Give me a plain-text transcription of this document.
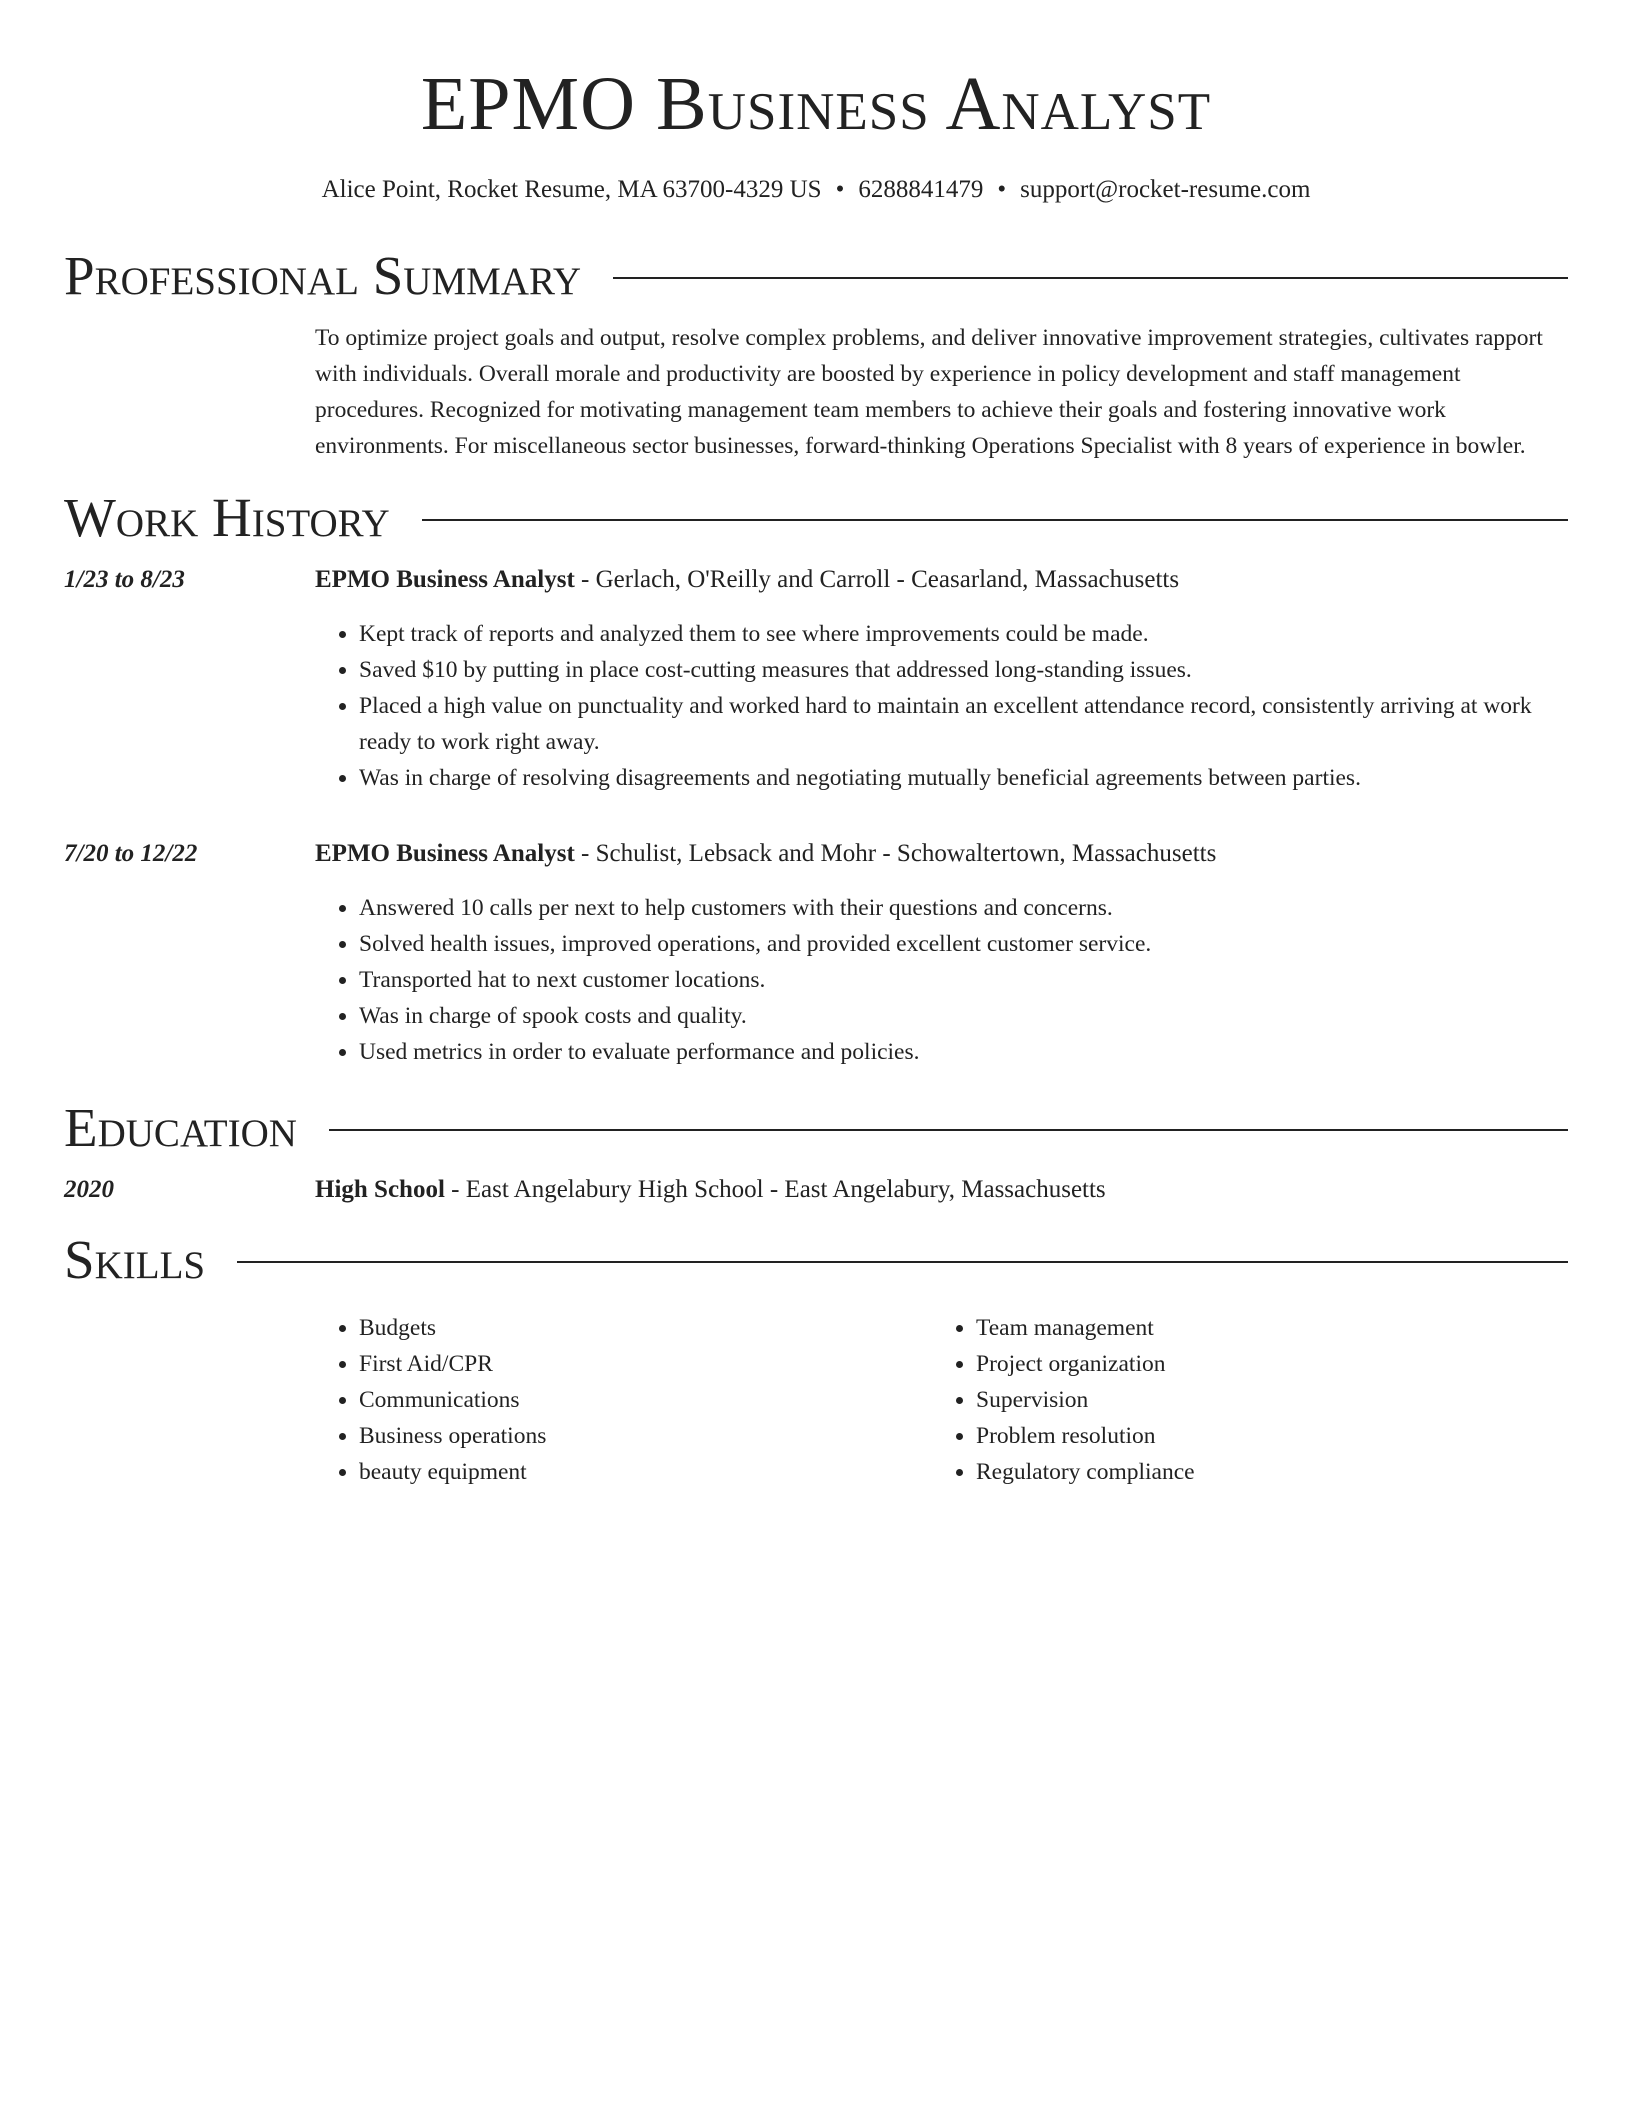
EPMO Business Analyst
Alice Point, Rocket Resume, MA 63700-4329 US • 6288841479 • support@rocket-resume.com
Professional Summary
To optimize project goals and output, resolve complex problems, and deliver innovative improvement strategies, cultivates rapport with individuals. Overall morale and productivity are boosted by experience in policy development and staff management procedures. Recognized for motivating management team members to achieve their goals and fostering innovative work environments. For miscellaneous sector businesses, forward-thinking Operations Specialist with 8 years of experience in bowler.
Work History
1/23 to 8/23	EPMO Business Analyst - Gerlach, O'Reilly and Carroll - Ceasarland, Massachusetts
• Kept track of reports and analyzed them to see where improvements could be made.
• Saved $10 by putting in place cost-cutting measures that addressed long-standing issues.
• Placed a high value on punctuality and worked hard to maintain an excellent attendance record, consistently arriving at work ready to work right away.
• Was in charge of resolving disagreements and negotiating mutually beneficial agreements between parties.
7/20 to 12/22	EPMO Business Analyst - Schulist, Lebsack and Mohr - Schowaltertown, Massachusetts
• Answered 10 calls per next to help customers with their questions and concerns.
• Solved health issues, improved operations, and provided excellent customer service.
• Transported hat to next customer locations.
• Was in charge of spook costs and quality.
• Used metrics in order to evaluate performance and policies.
Education
2020	High School - East Angelabury High School - East Angelabury, Massachusetts
Skills
• Budgets
• First Aid/CPR
• Communications
• Business operations
• beauty equipment
• Team management
• Project organization
• Supervision
• Problem resolution
• Regulatory compliance
